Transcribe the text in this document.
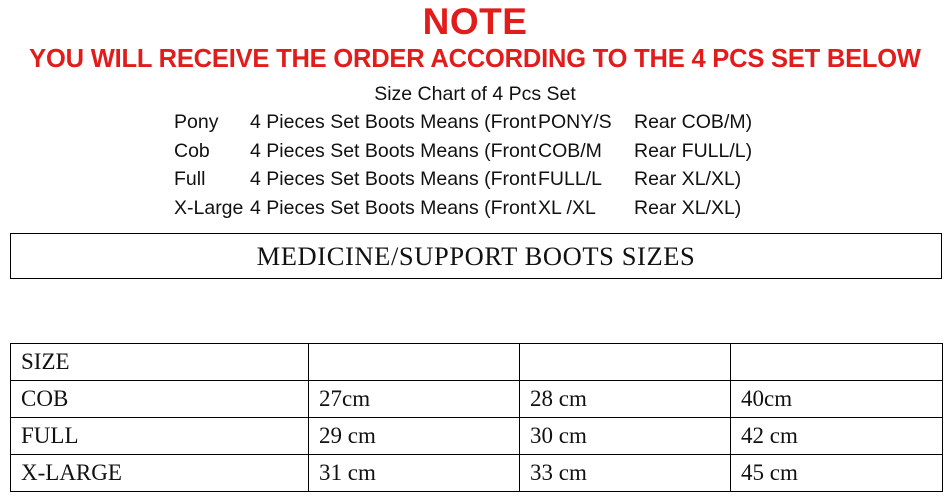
NOTE
YOU WILL RECEIVE THE ORDER ACCORDING TO THE 4 PCS SET BELOW
Size Chart of 4 Pcs Set
Pony	4 Pieces Set Boots Means (Front PONY/S	Rear COB/M)
Cob	4 Pieces Set Boots Means (Front COB/M	Rear FULL/L)
Full	4 Pieces Set Boots Means (Front FULL/L	Rear XL/XL)
X-Large 4 Pieces Set Boots Means (Front XL /XL	Rear XL/XL)
MEDICINE/SUPPORT BOOTS SIZES
SIZE			
COB	27cm	28 cm	40cm
FULL	29 cm	30 cm	42 cm
X-LARGE	31 cm	33 cm	45 cm
